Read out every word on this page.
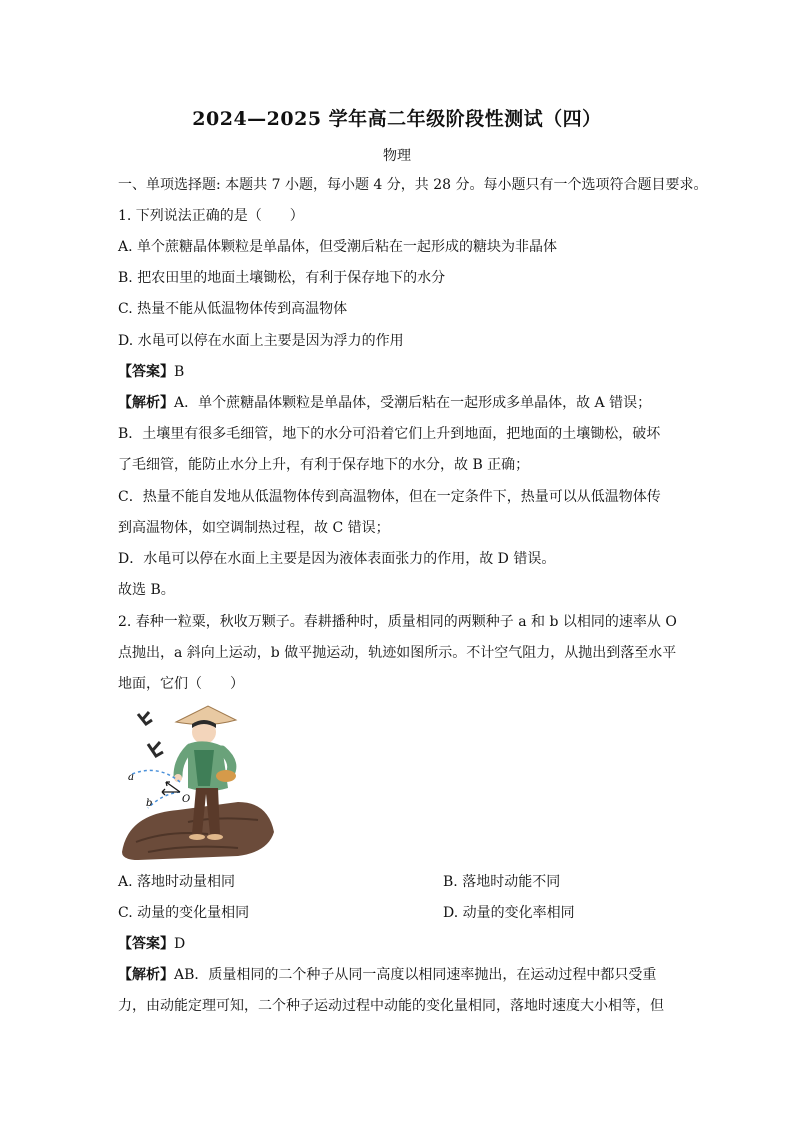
2024—2025 学年高二年级阶段性测试（四）
物理
一、单项选择题: 本题共 7 小题，每小题 4 分，共 28 分。每小题只有一个选项符合题目要求。
1. 下列说法正确的是（　　）
A. 单个蔗糖晶体颗粒是单晶体，但受潮后粘在一起形成的糖块为非晶体
B. 把农田里的地面土壤锄松，有利于保存地下的水分
C. 热量不能从低温物体传到高温物体
D. 水黾可以停在水面上主要是因为浮力的作用
【答案】B
【解析】A．单个蔗糖晶体颗粒是单晶体，受潮后粘在一起形成多单晶体，故 A 错误；
B．土壤里有很多毛细管，地下的水分可沿着它们上升到地面，把地面的土壤锄松，破坏
了毛细管，能防止水分上升，有利于保存地下的水分，故 B 正确；
C．热量不能自发地从低温物体传到高温物体，但在一定条件下，热量可以从低温物体传
到高温物体，如空调制热过程，故 C 错误；
D．水黾可以停在水面上主要是因为液体表面张力的作用，故 D 错误。
故选 B。
2. 春种一粒粟，秋收万颗子。春耕播种时，质量相同的两颗种子 a 和 b 以相同的速率从 O
点抛出，a 斜向上运动，b 做平抛运动，轨迹如图所示。不计空气阻力，从抛出到落至水平
地面，它们（　　）
a
b	O
A. 落地时动量相同	B. 落地时动能不同
C. 动量的变化量相同	D. 动量的变化率相同
【答案】D
【解析】AB．质量相同的二个种子从同一高度以相同速率抛出，在运动过程中都只受重
力，由动能定理可知，二个种子运动过程中动能的变化量相同，落地时速度大小相等，但
